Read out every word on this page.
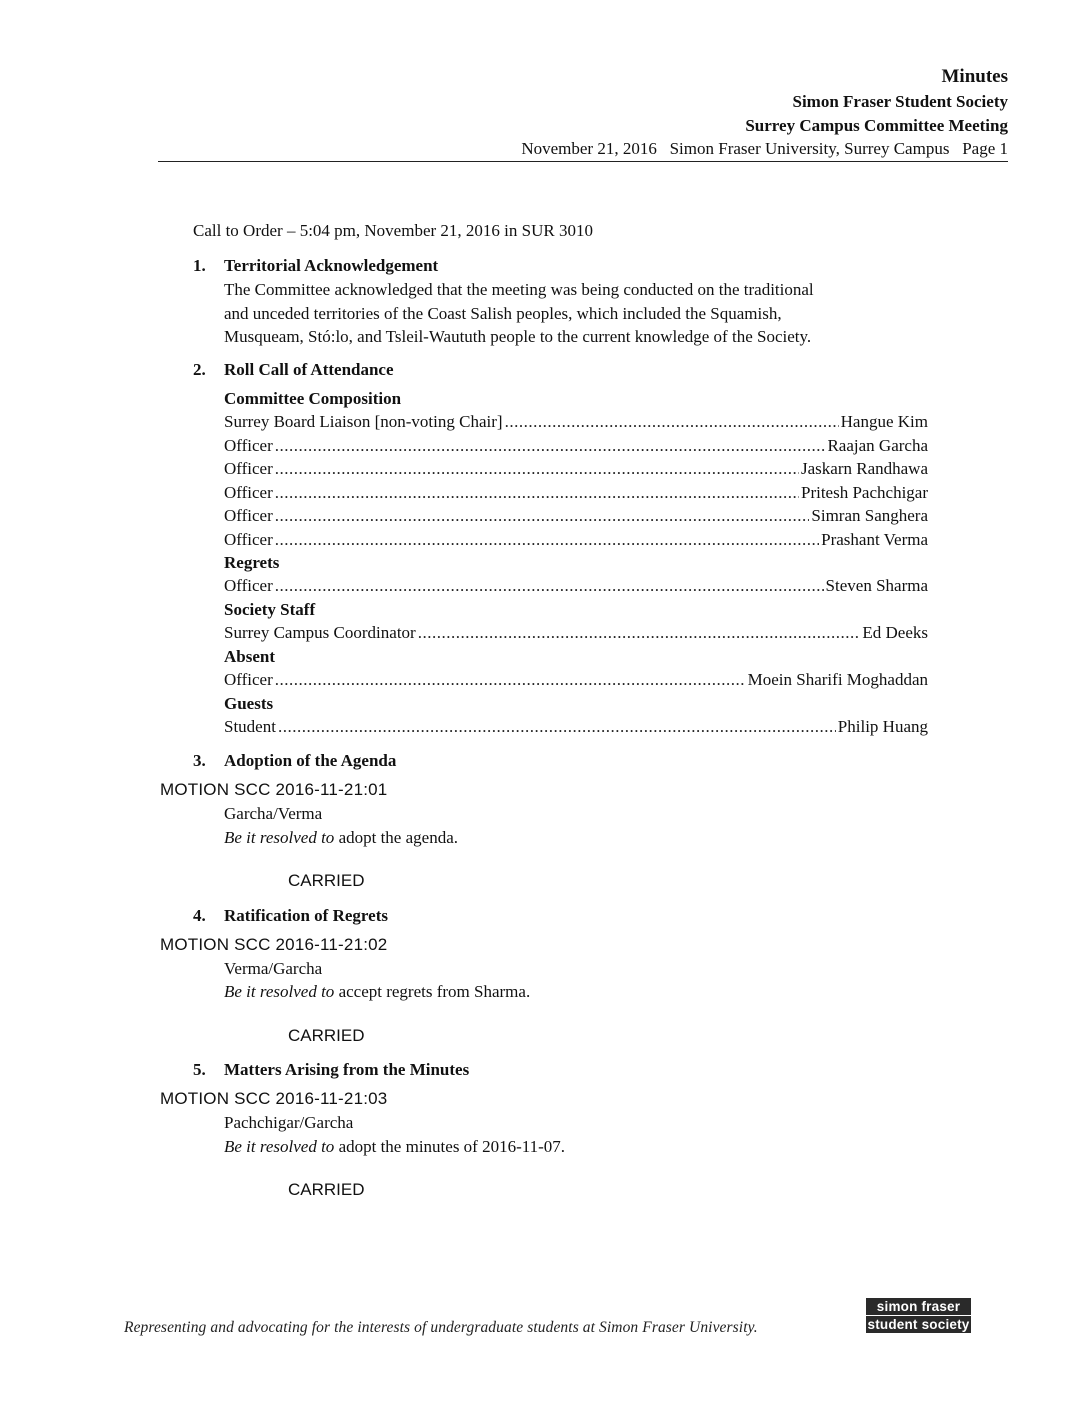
Minutes
Simon Fraser Student Society
Surrey Campus Committee Meeting
November 21, 2016   Simon Fraser University, Surrey Campus   Page 1
Call to Order – 5:04 pm, November 21, 2016 in SUR 3010
1. Territorial Acknowledgement
The Committee acknowledged that the meeting was being conducted on the traditional
and unceded territories of the Coast Salish peoples, which included the Squamish,
Musqueam, Stó:lo, and Tsleil-Waututh people to the current knowledge of the Society.
2. Roll Call of Attendance
Committee Composition
Surrey Board Liaison [non-voting Chair] .....	Hangue Kim
Officer .....	Raajan Garcha
Officer .....	Jaskarn Randhawa
Officer .....	Pritesh Pachchigar
Officer .....	Simran Sanghera
Officer .....	Prashant Verma
Regrets
Officer .....	Steven Sharma
Society Staff
Surrey Campus Coordinator .....	Ed Deeks
Absent
Officer .....	Moein Sharifi Moghaddan
Guests
Student .....	Philip Huang
3. Adoption of the Agenda
MOTION SCC 2016-11-21:01
Garcha/Verma
Be it resolved to adopt the agenda.
CARRIED
4. Ratification of Regrets
MOTION SCC 2016-11-21:02
Verma/Garcha
Be it resolved to accept regrets from Sharma.
CARRIED
5. Matters Arising from the Minutes
MOTION SCC 2016-11-21:03
Pachchigar/Garcha
Be it resolved to adopt the minutes of 2016-11-07.
CARRIED
Representing and advocating for the interests of undergraduate students at Simon Fraser University.
simon fraser
student society
